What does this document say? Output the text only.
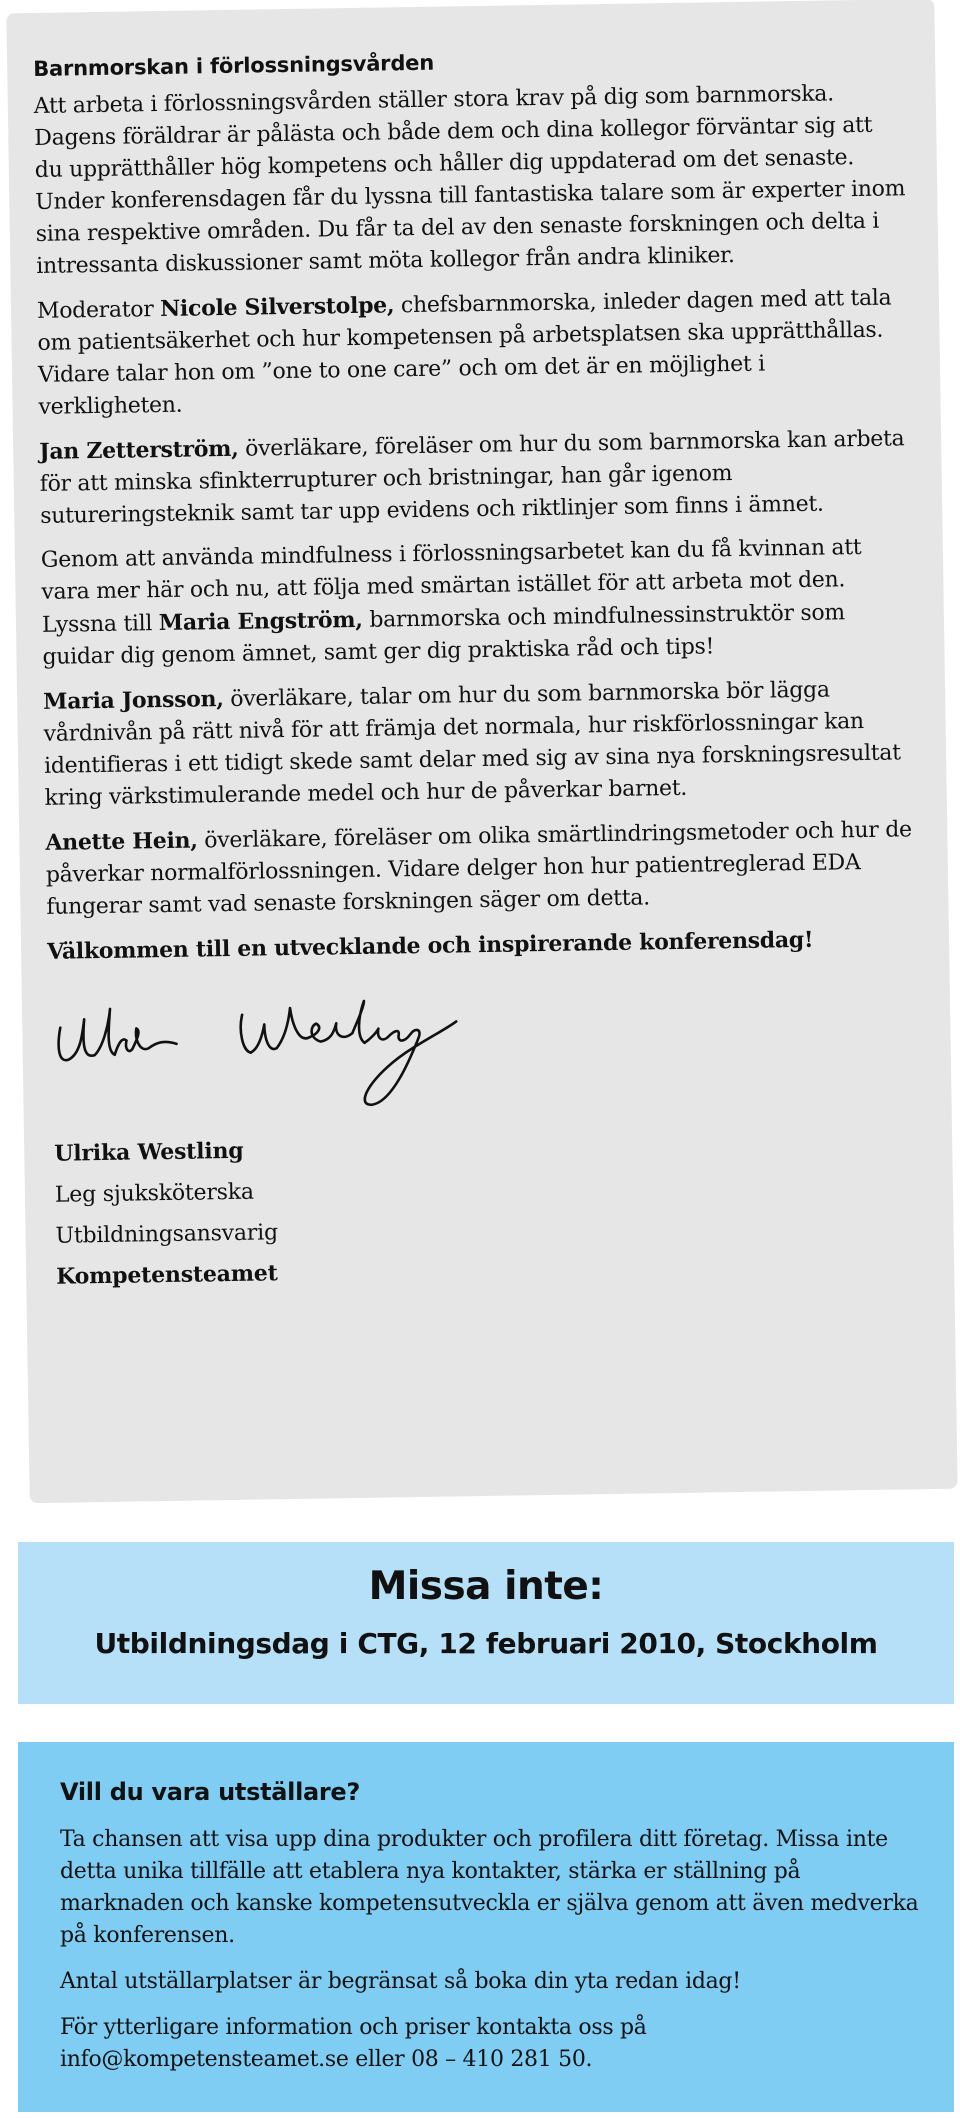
Barnmorskan i förlossningsvården

Att arbeta i förlossningsvården ställer stora krav på dig som barnmorska. Dagens föräldrar är pålästa och både dem och dina kollegor förväntar sig att du upprätthåller hög kompetens och håller dig uppdaterad om det senaste. Under konferensdagen får du lyssna till fantastiska talare som är experter inom sina respektive områden. Du får ta del av den senaste forskningen och delta i intressanta diskussioner samt möta kollegor från andra kliniker.

Moderator Nicole Silverstolpe, chefsbarnmorska, inleder dagen med att tala om patientsäkerhet och hur kompetensen på arbetsplatsen ska upprätthållas. Vidare talar hon om ”one to one care” och om det är en möjlighet i verkligheten.

Jan Zetterström, överläkare, föreläser om hur du som barnmorska kan arbeta för att minska sfinkterrupturer och bristningar, han går igenom sutureringsteknik samt tar upp evidens och riktlinjer som finns i ämnet.

Genom att använda mindfulness i förlossningsarbetet kan du få kvinnan att vara mer här och nu, att följa med smärtan istället för att arbeta mot den. Lyssna till Maria Engström, barnmorska och mindfulnessinstruktör som guidar dig genom ämnet, samt ger dig praktiska råd och tips!

Maria Jonsson, överläkare, talar om hur du som barnmorska bör lägga vårdnivån på rätt nivå för att främja det normala, hur riskförlossningar kan identifieras i ett tidigt skede samt delar med sig av sina nya forskningsresultat kring värkstimulerande medel och hur de påverkar barnet.

Anette Hein, överläkare, föreläser om olika smärtlindringsmetoder och hur de påverkar normalförlossningen. Vidare delger hon hur patientreglerad EDA fungerar samt vad senaste forskningen säger om detta.

Välkommen till en utvecklande och inspirerande konferensdag!

Ulrika Westling
Leg sjuksköterska
Utbildningsansvarig
Kompetensteamet
Missa inte:
Utbildningsdag i CTG, 12 februari 2010, Stockholm
Vill du vara utställare?

Ta chansen att visa upp dina produkter och profilera ditt företag. Missa inte detta unika tillfälle att etablera nya kontakter, stärka er ställning på marknaden och kanske kompetensutveckla er själva genom att även medverka på konferensen.

Antal utställarplatser är begränsat så boka din yta redan idag!

För ytterligare information och priser kontakta oss på info@kompetensteamet.se eller 08 – 410 281 50.
